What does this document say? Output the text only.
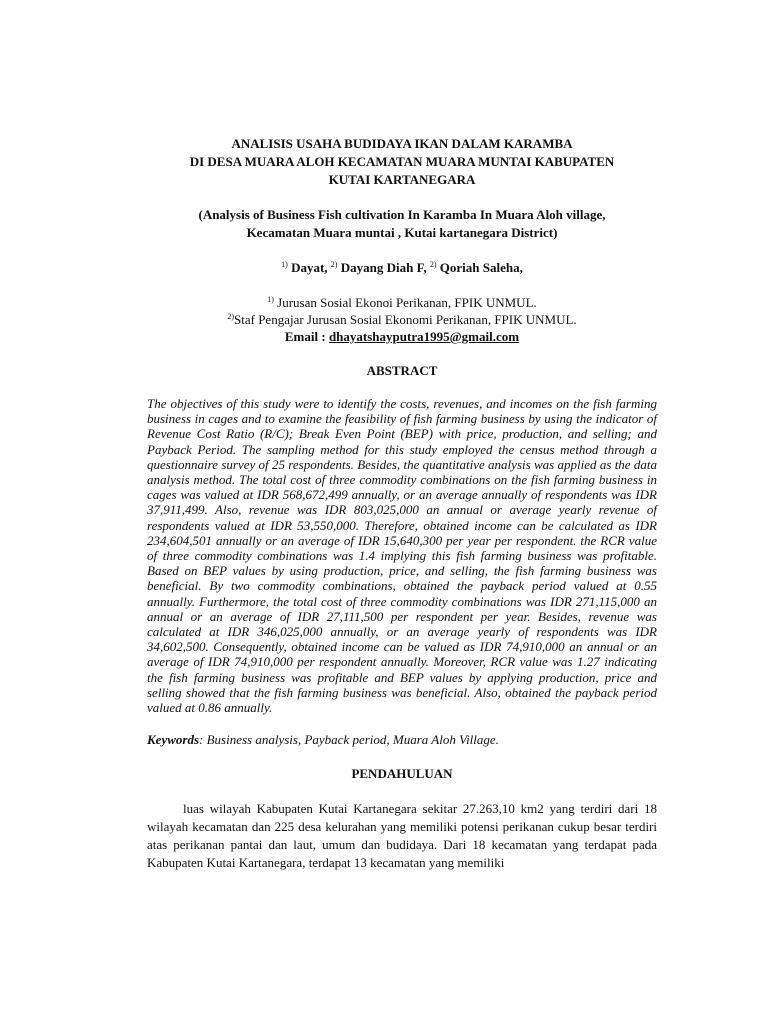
ANALISIS USAHA BUDIDAYA IKAN DALAM KARAMBA
DI DESA MUARA ALOH KECAMATAN MUARA MUNTAI KABUPATEN
KUTAI KARTANEGARA

(Analysis of Business Fish cultivation In Karamba In Muara Aloh village,
Kecamatan Muara muntai , Kutai kartanegara District)

$^{1)}$ Dayat, $^{2)}$ Dayang Diah F, $^{2)}$ Qoriah Saleha,

$^{1)}$ Jurusan Sosial Ekonoi Perikanan, FPIK UNMUL.
$^{2)}$Staf Pengajar Jurusan Sosial Ekonomi Perikanan, FPIK UNMUL.
Email : dhayatshayputra1995@gmail.com

ABSTRACT

The objectives of this study were to identify the costs, revenues, and incomes on the fish farming business in cages and to examine the feasibility of fish farming business by using the indicator of Revenue Cost Ratio (R/C); Break Even Point (BEP) with price, production, and selling; and Payback Period. The sampling method for this study employed the census method through a questionnaire survey of 25 respondents. Besides, the quantitative analysis was applied as the data analysis method. The total cost of three commodity combinations on the fish farming business in cages was valued at IDR 568,672,499 annually, or an average annually of respondents was IDR 37,911,499. Also, revenue was IDR 803,025,000 an annual or average yearly revenue of respondents valued at IDR 53,550,000. Therefore, obtained income can be calculated as IDR 234,604,501 annually or an average of IDR 15,640,300 per year per respondent. the RCR value of three commodity combinations was 1.4 implying this fish farming business was profitable. Based on BEP values by using production, price, and selling, the fish farming business was beneficial. By two commodity combinations, obtained the payback period valued at 0.55 annually. Furthermore, the total cost of three commodity combinations was IDR 271,115,000 an annual or an average of IDR 27,111,500 per respondent per year. Besides, revenue was calculated at IDR 346,025,000 annually, or an average yearly of respondents was IDR 34,602,500. Consequently, obtained income can be valued as IDR 74,910,000 an annual or an average of IDR 74,910,000 per respondent annually. Moreover, RCR value was 1.27 indicating the fish farming business was profitable and BEP values by applying production, price and selling showed that the fish farming business was beneficial. Also, obtained the payback period valued at 0.86 annually.

Keywords: Business analysis, Payback period, Muara Aloh Village.

PENDAHULUAN

luas wilayah Kabupaten Kutai Kartanegara sekitar 27.263,10 km2 yang terdiri dari 18 wilayah kecamatan dan 225 desa kelurahan yang memiliki potensi perikanan cukup besar terdiri atas perikanan pantai dan laut, umum dan budidaya. Dari 18 kecamatan yang terdapat pada Kabupaten Kutai Kartanegara, terdapat 13 kecamatan yang memiliki
